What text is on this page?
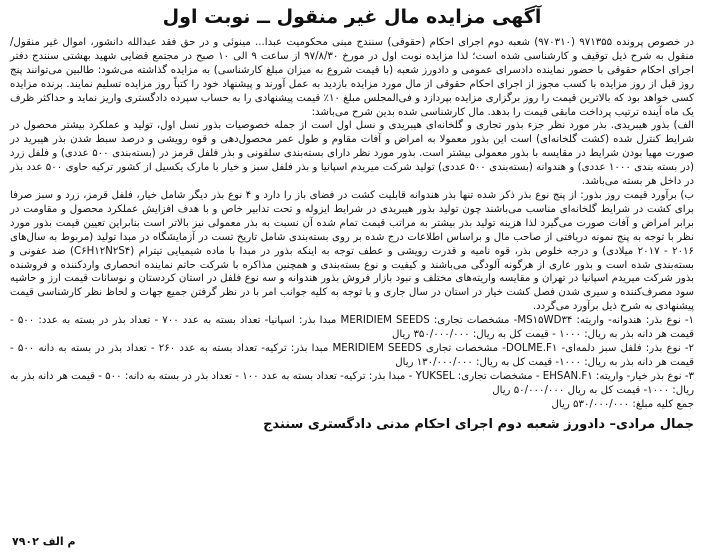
آگهی مزایده مال غیر منقول ــ نوبت اول

در خصوص پرونده ۹۷۱۳۵۵ (۹۷۰۳۱۰) شعبه دوم اجرای احکام (حقوقی) سنندج مبنی محکومیت عبدا... مینوئی و در حق فقد عبدالله دانشور، اموال غیر منقول/منقول به شرح ذیل توقیف و کارشناسی شده است؛ لذا مزایده نوبت اول در مورخ ۹۷/۸/۳۰ از ساعت ۹ الی ۱۰ صبح در مجتمع قضایی شهید بهشتی سنندج دفتر اجرای احکام حقوقی با حضور نماینده دادسرای عمومی و دادورز شعبه (با قیمت شروع به میزان مبلغ کارشناسی) به مزایده گذاشته می‌شود: طالبین می‌توانند پنج روز قبل از روز مزایده با کسب مجوز از اجرای احکام حقوقی از مال مورد مزایده بازدید به عمل آورند و پیشنهاد خود را کتباً روز مزایده تسلیم نمایند. برنده مزایده کسی خواهد بود که بالاترین قیمت را روز برگزاری مزایده بپردازد و فی‌المجلس مبلغ ۱۰٪ قیمت پیشنهادی را به حساب سپرده دادگستری واریز نماید و حداکثر ظرف یک ماه آینده ترتیب پرداخت مابقی قیمت را بدهد. مال کارشناسی شده بدین شرح می‌باشد:

الف) بذور هیبریدی. بذر مورد نظر جزء بذور تجاری و گلخانه‌ای هیبریدی و نسل اول است از جمله خصوصیات بذور نسل اول، تولید و عملکرد بیشتر محصول در شرایط کنترل شده (کشت گلخانه‌ای) است این بذور معمولا به امراض و آفات مقاوم و طول عمر محصول‌دهی و قوه رویشی و درصد سبط شدن بذر هیبرید در صورت مهیا بودن شرایط در مقایسه با بذور معمولی بیشتر است. بذور مورد نظر دارای بسته‌بندی سلفونی و بذر فلفل قرمز در (بسته‌بندی ۵۰۰ عددی) و فلفل زرد (در بسته بندی ۱۰۰۰ عددی) و هندوانه (بسته‌بندی ۵۰۰ عددی) تولید شرکت میریدم اسپانیا و بذر فلفل سبز و خیار با مارک یکسیل از کشور ترکیه حاوی ۵۰۰ عدد بذر در داخل هر بسته می‌باشد.

ب) برآورد قیمت روز بذور: از پنج نوع بذر ذکر شده تنها بذر هندوانه قابلیت کشت در فضای باز را دارد و ۴ نوع بذر دیگر شامل خیار، فلفل قرمز، زرد و سبز صرفا برای کشت در شرایط گلخانه‌ای مناسب می‌باشند چون تولید بذور هیبریدی در شرایط ایزوله و تحت تدابیر خاص و با هدف افزایش عملکرد محصول و مقاومت در برابر امراض و آفات صورت می‌گیرد لذا هزینه تولید بذر بیشتر به مراتب قیمت تمام شده آن نسبت به بذر معمولی نیز بالاتر است بنابراین تعیین قیمت بذور مورد نظر با توجه به پنج نمونه دریافتی از صاحب مال و براساس اطلاعات درج شده بر روی بسته‌بندی شامل تاریخ تست در آزمایشگاه در مبدا تولید (مربوط به سال‌های ۲۰۱۶ - ۲۰۱۷ میلادی) و درجه خلوص بذر، قوه نامیه و قدرت رویشی و عطف توجه به اینکه بذور در مبدا با ماده شیمیایی تیترام (C۶H۱۲N۲S۴) ضد عفونی و بسته‌بندی شده است و بذور عاری از هرگونه آلودگی می‌باشند و کیفیت و نوع بسته‌بندی و همچنین مذاکره با شرکت حاتم نماینده انحصاری واردکننده و فروشنده بذور شرکت میریدم اسپانیا در تهران و مقایسه واریته‌های مختلف و نبود بازار فروش بذور هندوانه و سه نوع فلفل در استان کردستان و نوسانات قیمت ارز و حاشیه سود مصرف‌کننده و سیری شدن فصل کشت خیار در استان در سال جاری و با توجه به کلیه جوانب امر با در نظر گرفتن جمیع جهات و لحاظ نظر کارشناسی قیمت پیشنهادی به شرح ذیل برآورد می‌گردد.

۱- نوع بذر: هندوانه- واریته: MS۱۵WD۳۴- مشخصات تجاری: MERIDIEM SEEDS مبدا بذر: اسپانیا- تعداد بسته به عدد ۷۰۰ - تعداد بذر در بسته به عدد: ۵۰۰ - قیمت هر دانه بذر به ریال: ۱۰۰۰ - قیمت کل به ریال: ۳۵۰/۰۰۰/۰۰۰ ریال

۲- نوع بذر: فلفل سبز دلمه‌ای- DOLME.F۱- مشخصات تجاری MERIDIEM SEEDS مبدا بذر: ترکیه- تعداد بسته به عدد ۲۶۰ - تعداد بذر در بسته به دانه ۵۰۰ - قیمت هر دانه بذر به ریال: ۱۰۰۰- قیمت کل به ریال: ۱۳۰/۰۰۰/۰۰۰ ریال

۳- نوع بذر خیار- واریته: EHSAN.F۱ - مشخصات تجاری: YUKSEL - مبدا بذر: ترکیه- تعداد بسته به عدد ۱۰۰ - تعداد بذر در بسته به دانه: ۵۰۰ - قیمت هر دانه بذر به ریال: ۱۰۰۰- قیمت کل به ریال ۵۰/۰۰۰/۰۰۰ ریال

جمع کلیه مبلغ: ۵۳۰/۰۰۰/۰۰۰ ریال

جمال مرادی– دادورز شعبه دوم اجرای احکام مدنی دادگستری سنندج
م الف ۷۹۰۲
